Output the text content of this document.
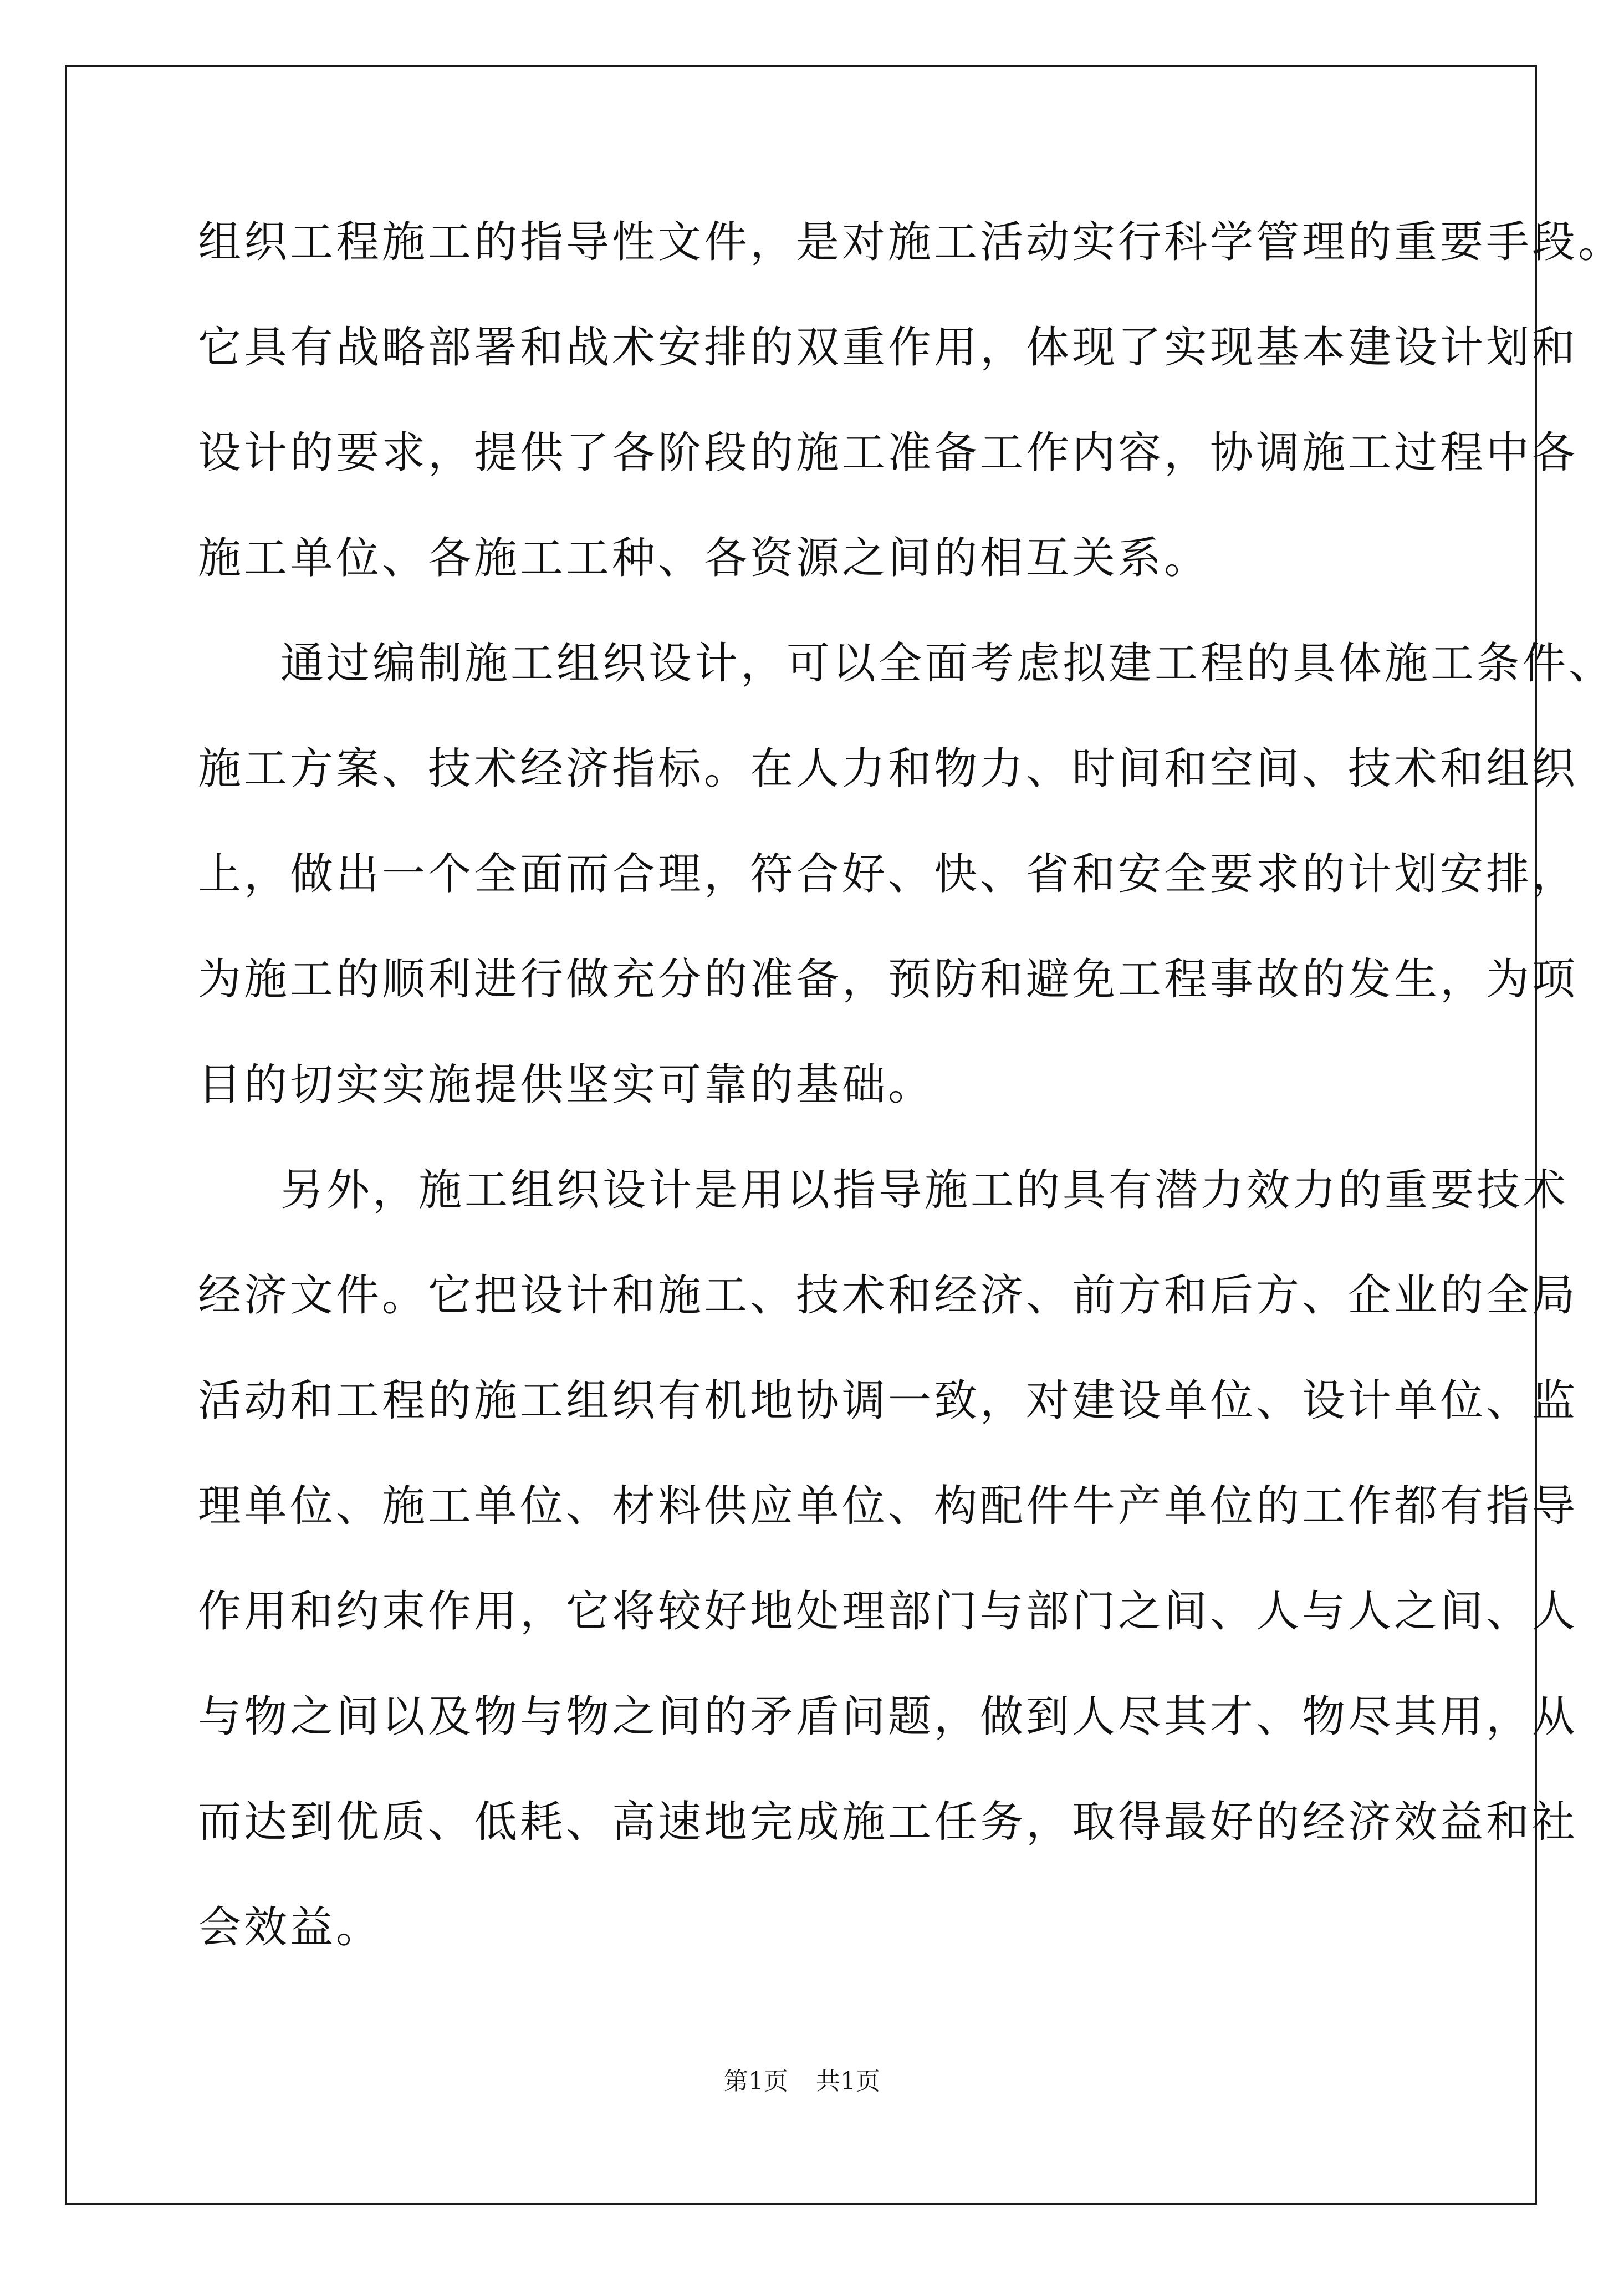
组织工程施工的指导性文件，是对施工活动实行科学管理的重要手段。
它具有战略部署和战术安排的双重作用，体现了实现基本建设计划和
设计的要求，提供了各阶段的施工准备工作内容，协调施工过程中各
施工单位、各施工工种、各资源之间的相互关系。
通过编制施工组织设计，可以全面考虑拟建工程的具体施工条件、
施工方案、技术经济指标。在人力和物力、时间和空间、技术和组织
上，做出一个全面而合理，符合好、快、省和安全要求的计划安排，
为施工的顺利进行做充分的准备，预防和避免工程事故的发生，为项
目的切实实施提供坚实可靠的基础。
另外，施工组织设计是用以指导施工的具有潜力效力的重要技术
经济文件。它把设计和施工、技术和经济、前方和后方、企业的全局
活动和工程的施工组织有机地协调一致，对建设单位、设计单位、监
理单位、施工单位、材料供应单位、构配件牛产单位的工作都有指导
作用和约束作用，它将较好地处理部门与部门之间、人与人之间、人
与物之间以及物与物之间的矛盾问题，做到人尽其才、物尽其用，从
而达到优质、低耗、高速地完成施工任务，取得最好的经济效益和社
会效益。
第1页 共1页
